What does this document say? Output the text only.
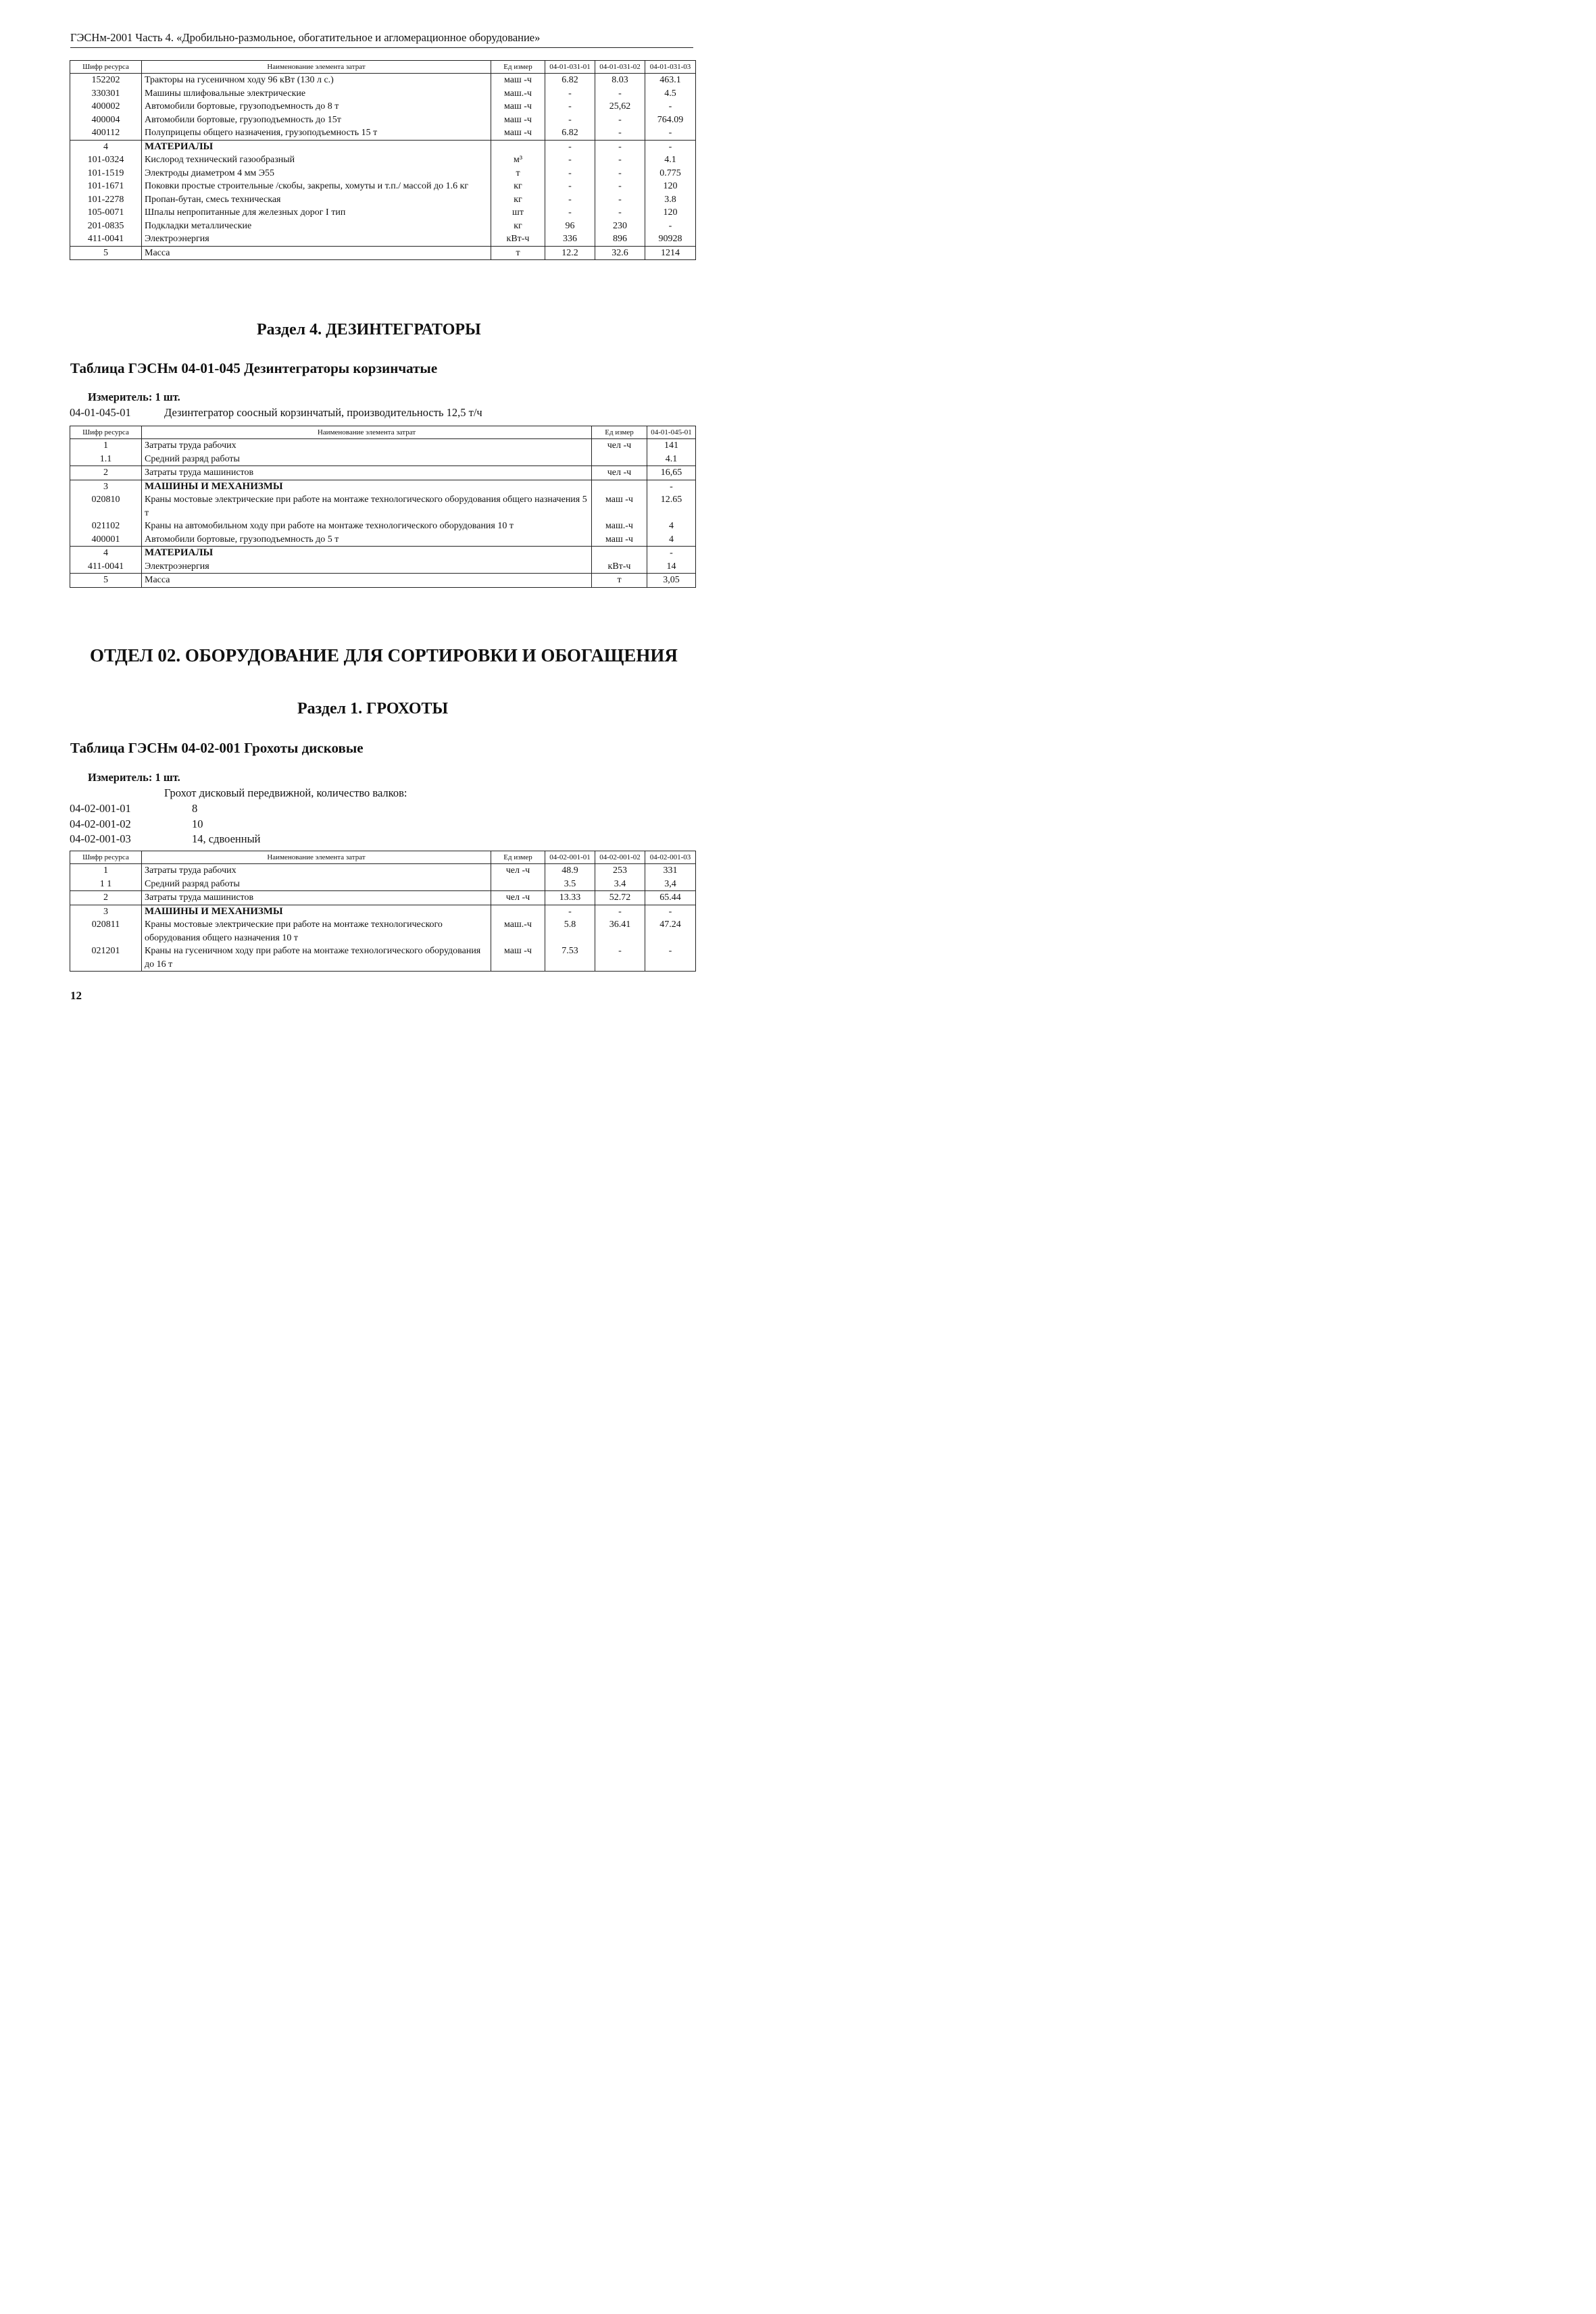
ГЭСНм-2001 Часть 4. «Дробильно-размольное, обогатительное и агломерационное оборудование»
Шифр ресурса	Наименование элемента затрат	Ед измер	04-01-031-01	04-01-031-02	04-01-031-03
152202	Тракторы на гусеничном ходу 96 кВт (130 л с.)	маш -ч	6.82	8.03	463.1
330301	Машины шлифовальные электрические	маш.-ч	-	-	4.5
400002	Автомобили бортовые, грузоподъемность до 8 т	маш -ч	-	25,62	-
400004	Автомобили бортовые, грузоподъемность до 15т	маш -ч	-	-	764.09
400112	Полуприцепы общего назначения, грузоподъемность 15 т	маш -ч	6.82	-	-
4	МАТЕРИАЛЫ		-	-	-
101-0324	Кислород технический газообразный	м³	-	-	4.1
101-1519	Электроды диаметром 4 мм Э55	т	-	-	0.775
101-1671	Поковки простые строительные /скобы, закрепы, хомуты и т.п./ массой до 1.6 кг	кг	-	-	120
101-2278	Пропан-бутан, смесь техническая	кг	-	-	3.8
105-0071	Шпалы непропитанные для железных дорог I тип	шт	-	-	120
201-0835	Подкладки металлические	кг	96	230	-
411-0041	Электроэнергия	кВт-ч	336	896	90928
5	Масса	т	12.2	32.6	1214
Раздел 4. ДЕЗИНТЕГРАТОРЫ
Таблица ГЭСНм 04-01-045 Дезинтеграторы корзинчатые
Измеритель: 1 шт.
04-01-045-01	Дезинтегратор соосный корзинчатый, производительность 12,5 т/ч
Шифр ресурса	Наименование элемента затрат	Ед измер	04-01-045-01
1	Затраты труда рабочих	чел -ч	141
1.1	Средний разряд работы		4.1
2	Затраты труда машинистов	чел -ч	16,65
3	МАШИНЫ И МЕХАНИЗМЫ		-
020810	Краны мостовые электрические при работе на монтаже технологического оборудования общего назначения 5 т	маш -ч	12.65
021102	Краны на автомобильном ходу при работе на монтаже технологического оборудования 10 т	маш.-ч	4
400001	Автомобили бортовые, грузоподъемность до 5 т	маш -ч	4
4	МАТЕРИАЛЫ		-
411-0041	Электроэнергия	кВт-ч	14
5	Масса	т	3,05
ОТДЕЛ 02. ОБОРУДОВАНИЕ ДЛЯ СОРТИРОВКИ И ОБОГАЩЕНИЯ
Раздел 1. ГРОХОТЫ
Таблица ГЭСНм 04-02-001 Грохоты дисковые
Измеритель: 1 шт.
Грохот дисковый передвижной, количество валков:
04-02-001-01	8
04-02-001-02	10
04-02-001-03	14, сдвоенный
Шифр ресурса	Наименование элемента затрат	Ед измер	04-02-001-01	04-02-001-02	04-02-001-03
1	Затраты труда рабочих	чел -ч	48.9	253	331
1 1	Средний разряд работы		3.5	3.4	3,4
2	Затраты труда машинистов	чел -ч	13.33	52.72	65.44
3	МАШИНЫ И МЕХАНИЗМЫ		-	-	-
020811	Краны мостовые электрические при работе на монтаже технологического оборудования общего назначения 10 т	маш.-ч	5.8	36.41	47.24
021201	Краны на гусеничном ходу при работе на монтаже технологического оборудования до 16 т	маш -ч	7.53	-	-
12
